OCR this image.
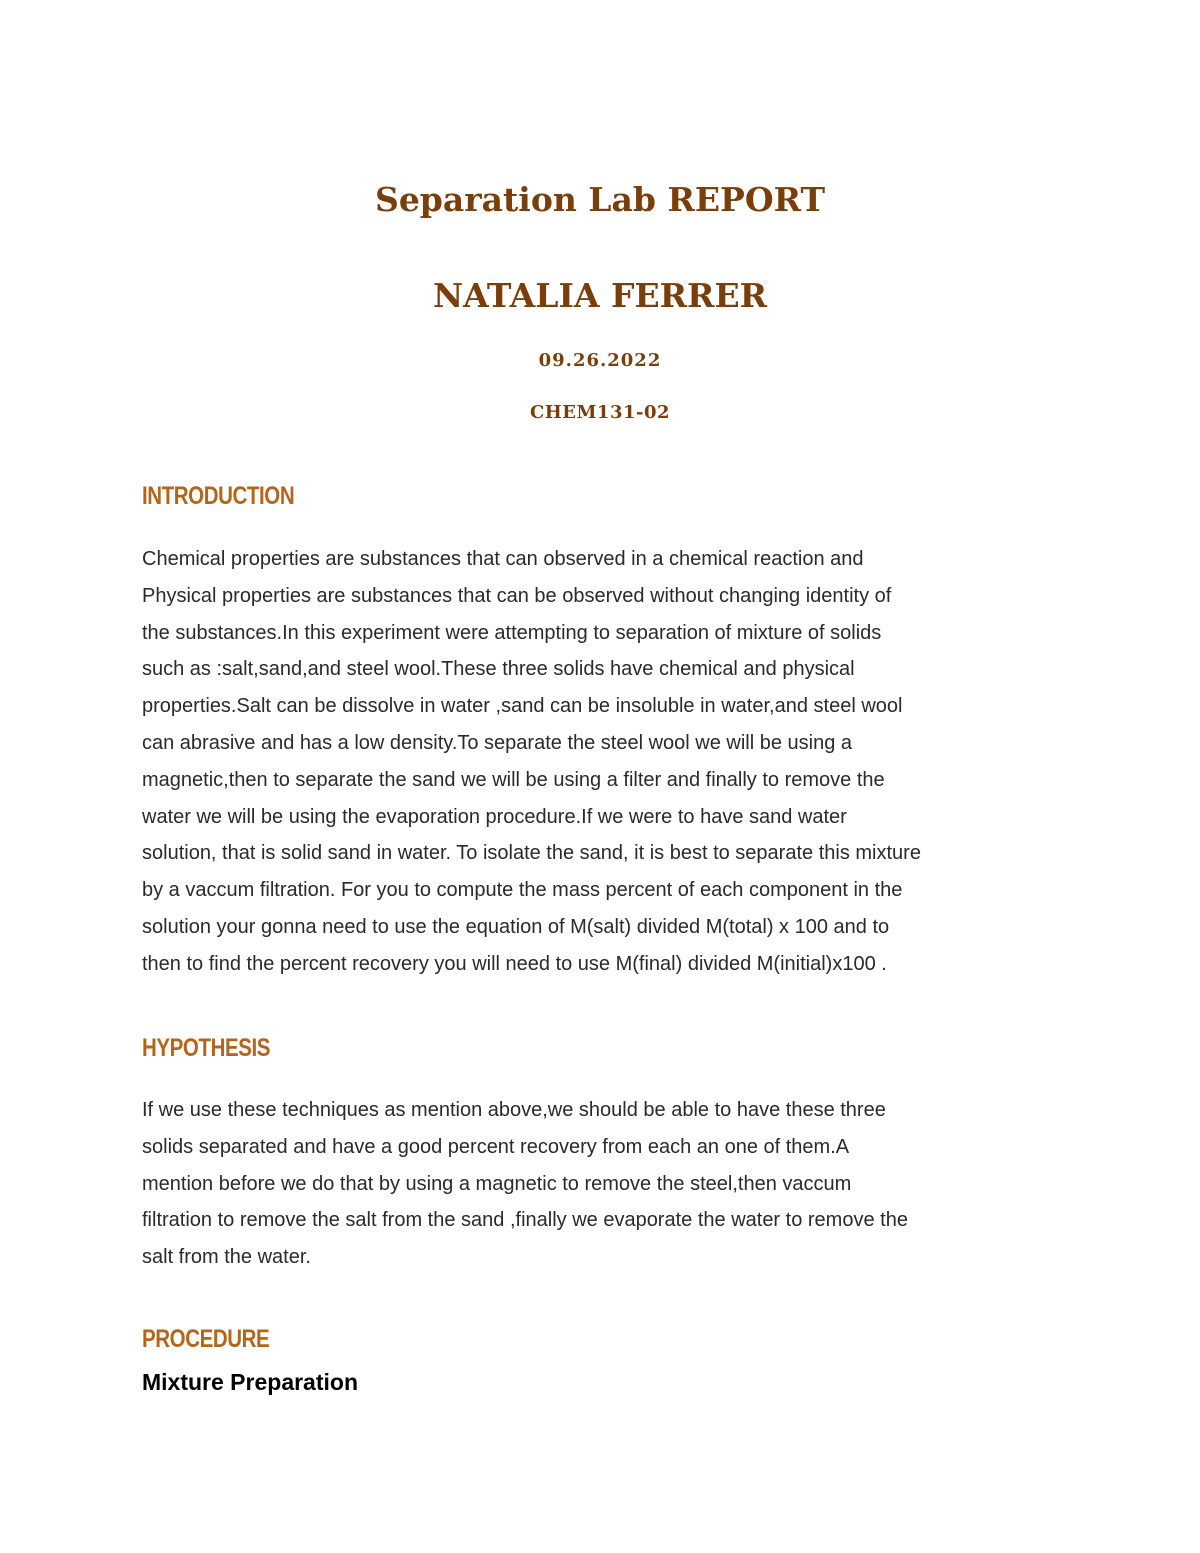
Separation Lab REPORT
NATALIA FERRER
09.26.2022
CHEM131-02
INTRODUCTION
Chemical properties are substances that can observed in a chemical reaction and
Physical properties are substances that can be observed without changing identity of
the substances.In this experiment were attempting to separation of mixture of solids
such as :salt,sand,and steel wool.These three solids have chemical and physical
properties.Salt can be dissolve in water ,sand can be insoluble in water,and steel wool
can abrasive and has a low density.To separate the steel wool we will be using a
magnetic,then to separate the sand we will be using a filter and finally to remove the
water we will be using the evaporation procedure.If we were to have sand water
solution, that is solid sand in water. To isolate the sand, it is best to separate this mixture
by a vaccum filtration. For you to compute the mass percent of each component in the
solution your gonna need to use the equation of M(salt) divided M(total) x 100 and to
then to find the percent recovery you will need to use M(final) divided M(initial)x100 .
HYPOTHESIS
If we use these techniques as mention above,we should be able to have these three
solids separated and have a good percent recovery from each an one of them.A
mention before we do that by using a magnetic to remove the steel,then vaccum
filtration to remove the salt from the sand ,finally we evaporate the water to remove the
salt from the water.
PROCEDURE
Mixture Preparation
